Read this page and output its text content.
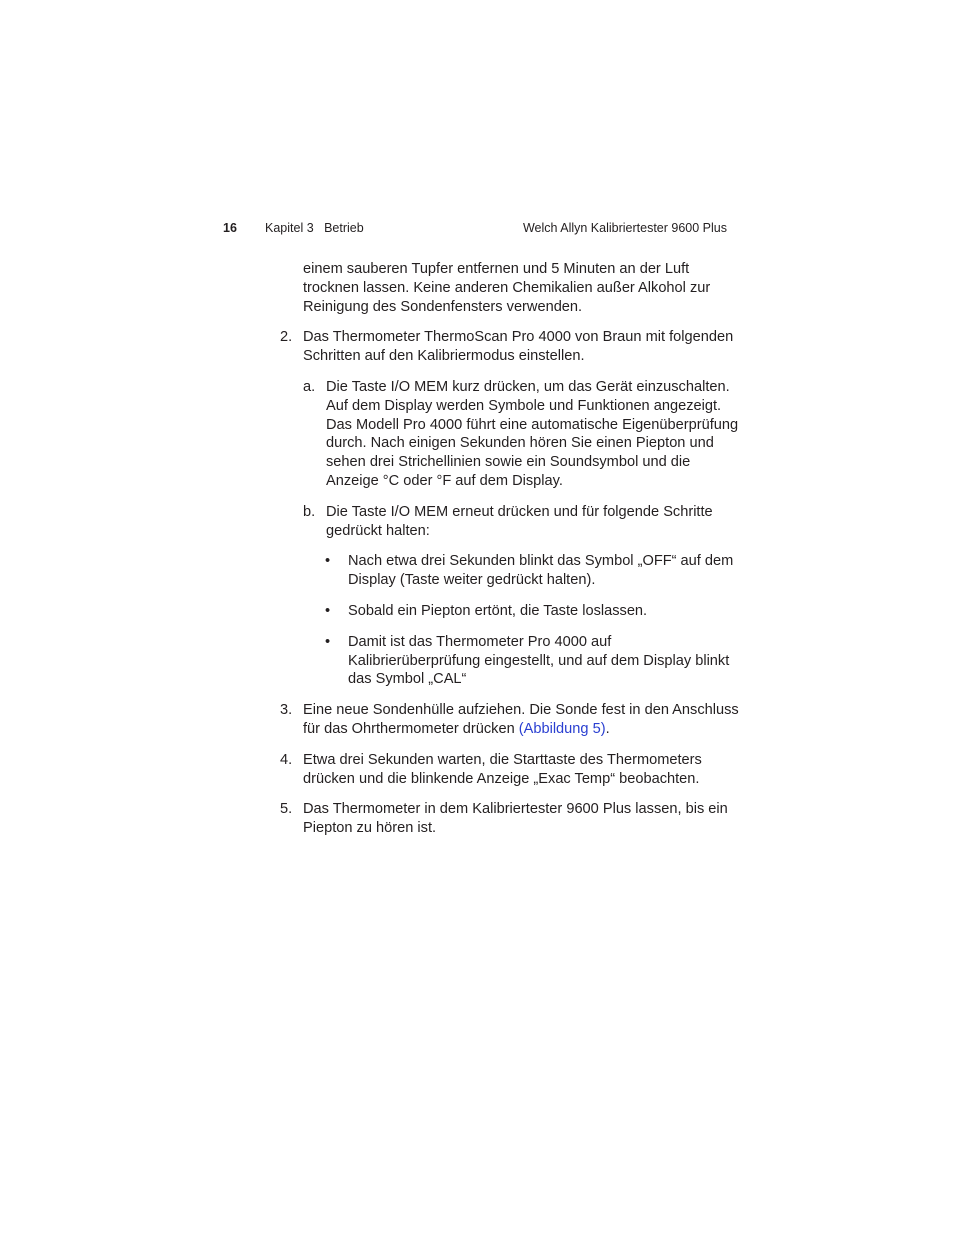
16	Kapitel 3   Betrieb	Welch Allyn Kalibriertester 9600 Plus

einem sauberen Tupfer entfernen und 5 Minuten an der Luft trocknen lassen. Keine anderen Chemikalien außer Alkohol zur Reinigung des Sondenfensters verwenden.

2. Das Thermometer ThermoScan Pro 4000 von Braun mit folgenden Schritten auf den Kalibriermodus einstellen.

a. Die Taste I/O MEM kurz drücken, um das Gerät einzuschalten. Auf dem Display werden Symbole und Funktionen angezeigt. Das Modell Pro 4000 führt eine automatische Eigenüberprüfung durch. Nach einigen Sekunden hören Sie einen Piepton und sehen drei Strichellinien sowie ein Soundsymbol und die Anzeige °C oder °F auf dem Display.

b. Die Taste I/O MEM erneut drücken und für folgende Schritte gedrückt halten:

•	Nach etwa drei Sekunden blinkt das Symbol „OFF“ auf dem Display (Taste weiter gedrückt halten).

•	Sobald ein Piepton ertönt, die Taste loslassen.

•	Damit ist das Thermometer Pro 4000 auf Kalibrierüberprüfung eingestellt, und auf dem Display blinkt das Symbol „CAL“

3. Eine neue Sondenhülle aufziehen. Die Sonde fest in den Anschluss für das Ohrthermometer drücken (Abbildung 5).

4. Etwa drei Sekunden warten, die Starttaste des Thermometers drücken und die blinkende Anzeige „Exac Temp“ beobachten.

5. Das Thermometer in dem Kalibriertester 9600 Plus lassen, bis ein Piepton zu hören ist.
